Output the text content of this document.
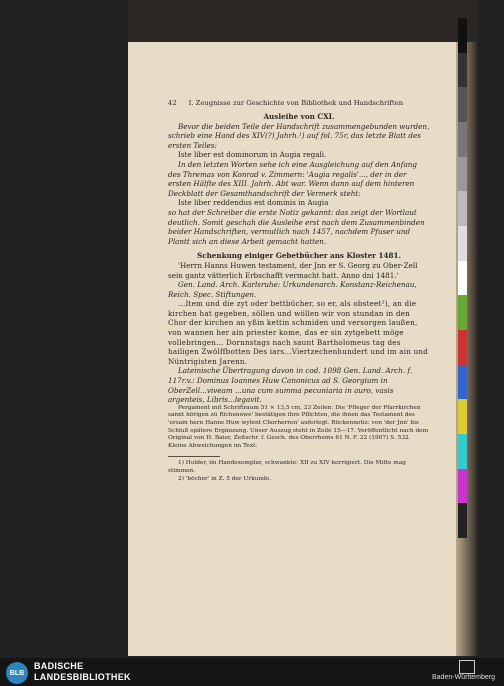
42 I. Zeugnisse zur Geschichte von Bibliothek und Handschriften

Ausleihe von CXI.

Bevor die beiden Teile der Handschrift zusammengebunden wurden, schrieb eine Hand des XIV(?) Jahrh.¹) auf fol. 75r, das letzte Blatt des ersten Teiles:

Iste liber est dominorum in Augia regali.

In den letzten Worten sehe ich eine Ausgleichung auf den Anfang des Thremas von Konrad v. Zimmern: 'Augia regalis'..., der in der ersten Hälfte des XIII. Jahrh. Abt war. Wenn dann auf dem hinteren Deckblatt der Gesamthandschrift der Vermerk steht:

Iste liber reddendus est dominis in Augia

so hat der Schreiber die erste Notiz gekannt: das zeigt der Wortlaut deutlich. Somit geschah die Ausleihe erst nach dem Zusammenbinden beider Handschriften, vermutlich nach 1457, nachdem Pfuser und Plantt sich an diese Arbeit gemacht hatten.

Schenkung einiger Gebetbücher ans Kloster 1481.

'Herrn Hanns Huwen testament, der Jnn er S. Georg zu Ober-Zell sein gantz vätterlich Erbschafft vermacht hatt. Anno dni 1481.'

Gen. Land. Arch. Karlsruhe: Urkundenarch. Konstanz-Reichenau, Reich. Spec. Stiftungen.

...Item und die zyt oder bettbücher, so er, als obsteet²), an die kirchen hat gegeben, söllen und wöllen wir von stundan in den Chor der kirchen an yßin kettin schmiden und versorgen laußen, von wannen her ain priester kome, das er sin zytgebett möge vollebringen... Dornnstags nach saunt Bartholomeus tag des hailigen Zwölffbotten Des iars...Viertzechenhundert und im ain und Nüntrigisten Jarenn.

Lateinische Übertragung davon in cod. 1098 Gen. Land. Arch. f. 117r.v.: Dominus Ioannes Huw Canonicus ad S. Georgium in OberZell...viveam ...una cum summa pecuniaria in auro, vasis argenteis, Libris...legavit.

Pergament mit Schriftraum 51 × 13,5 cm, 23 Zeilen: Die 'Pfleger der Pfarrkirchen sannt hörigen zü Richenowe' bestätigen ihre Pflichten, die ihnen das Testament des 'ersam hern Hanns Huw wylent Chorherren' auferlegt. Rückennotiz: von 'der Jnn' bis Schluß spätere Ergänzung. Unser Auszug steht in Zeile 15—17. Veröffentlicht nach dem Original von H. Baier, Zeitschr. f. Gesch. des Oberrheins 61 N. F. 22 (1907) S. 532. Kleine Abweichungen im Text.

1) Holder, im Handexemplar, schwankte: XII zu XIV korrigiert. Die Mitte mag stimmen.

2) 'böcher' in Z. 5 der Urkunde.

BLB
BADISCHE
LANDESBIBLIOTHEK	Baden-Württemberg
